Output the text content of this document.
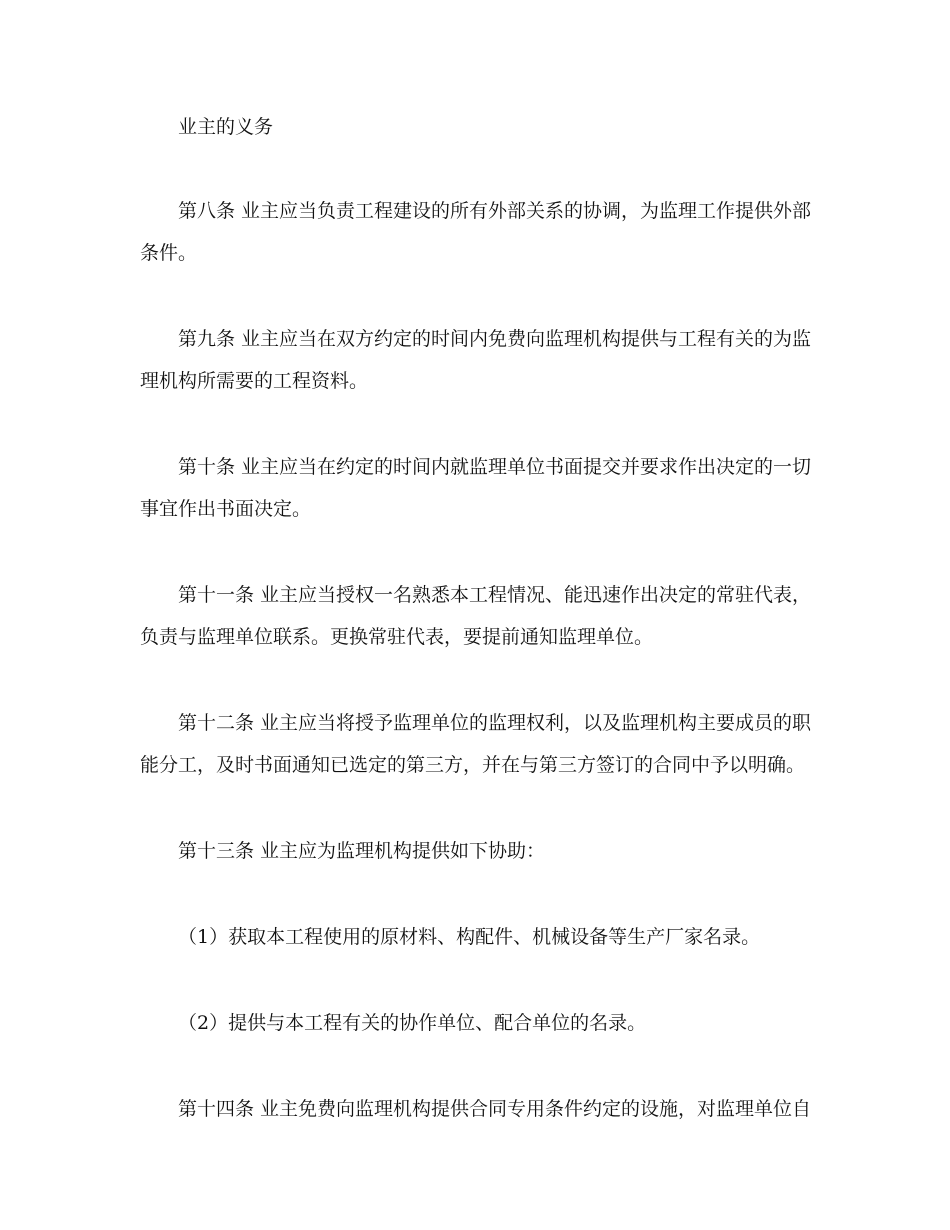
业主的义务
第八条 业主应当负责工程建设的所有外部关系的协调，为监理工作提供外部
条件。
第九条 业主应当在双方约定的时间内免费向监理机构提供与工程有关的为监
理机构所需要的工程资料。
第十条 业主应当在约定的时间内就监理单位书面提交并要求作出决定的一切
事宜作出书面决定。
第十一条 业主应当授权一名熟悉本工程情况、能迅速作出决定的常驻代表，
负责与监理单位联系。更换常驻代表，要提前通知监理单位。
第十二条 业主应当将授予监理单位的监理权利，以及监理机构主要成员的职
能分工，及时书面通知已选定的第三方，并在与第三方签订的合同中予以明确。
第十三条 业主应为监理机构提供如下协助：
（1）获取本工程使用的原材料、构配件、机械设备等生产厂家名录。
（2）提供与本工程有关的协作单位、配合单位的名录。
第十四条 业主免费向监理机构提供合同专用条件约定的设施，对监理单位自
